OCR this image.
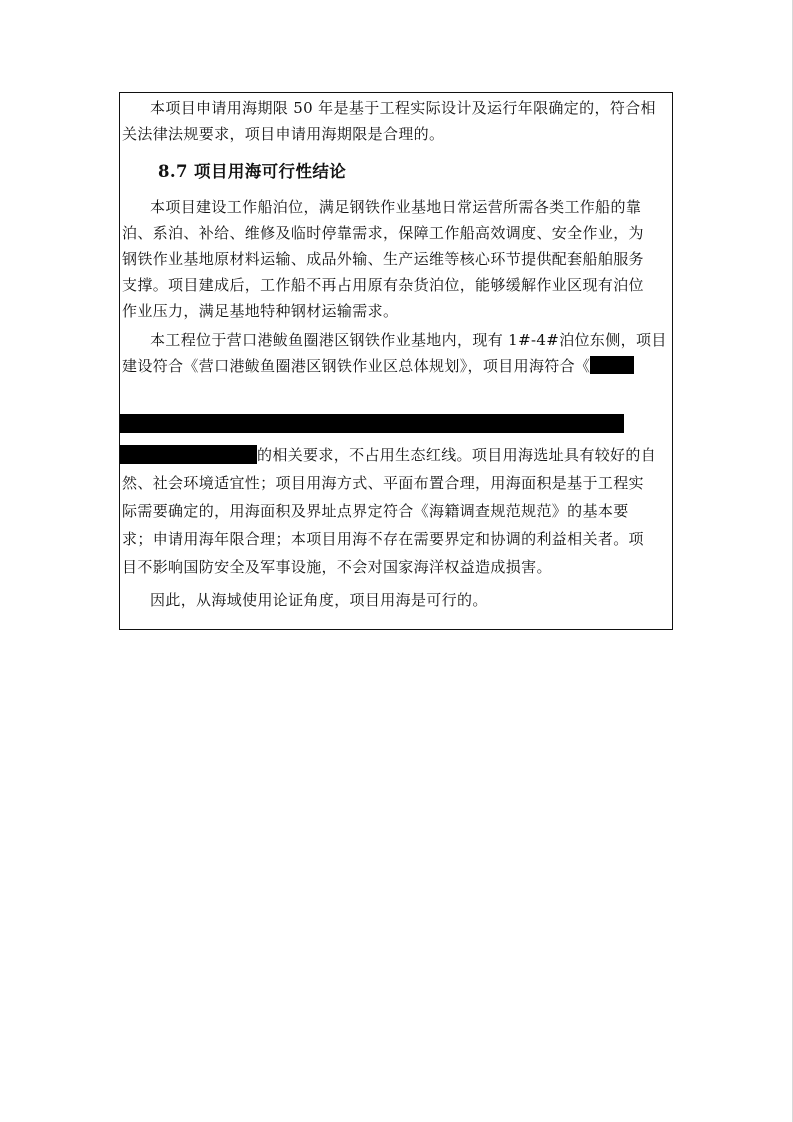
本项目申请用海期限 50 年是基于工程实际设计及运行年限确定的，符合相
关法律法规要求，项目申请用海期限是合理的。
8.7 项目用海可行性结论
本项目建设工作船泊位，满足钢铁作业基地日常运营所需各类工作船的靠
泊、系泊、补给、维修及临时停靠需求，保障工作船高效调度、安全作业，为
钢铁作业基地原材料运输、成品外输、生产运维等核心环节提供配套船舶服务
支撑。项目建成后，工作船不再占用原有杂货泊位，能够缓解作业区现有泊位
作业压力，满足基地特种钢材运输需求。
本工程位于营口港鲅鱼圈港区钢铁作业基地内，现有 1#-4#泊位东侧，项目
建设符合《营口港鲅鱼圈港区钢铁作业区总体规划》，项目用海符合《
的相关要求，不占用生态红线。项目用海选址具有较好的自
然、社会环境适宜性；项目用海方式、平面布置合理，用海面积是基于工程实
际需要确定的，用海面积及界址点界定符合《海籍调查规范规范》的基本要
求；申请用海年限合理；本项目用海不存在需要界定和协调的利益相关者。项
目不影响国防安全及军事设施，不会对国家海洋权益造成损害。
因此，从海域使用论证角度，项目用海是可行的。
